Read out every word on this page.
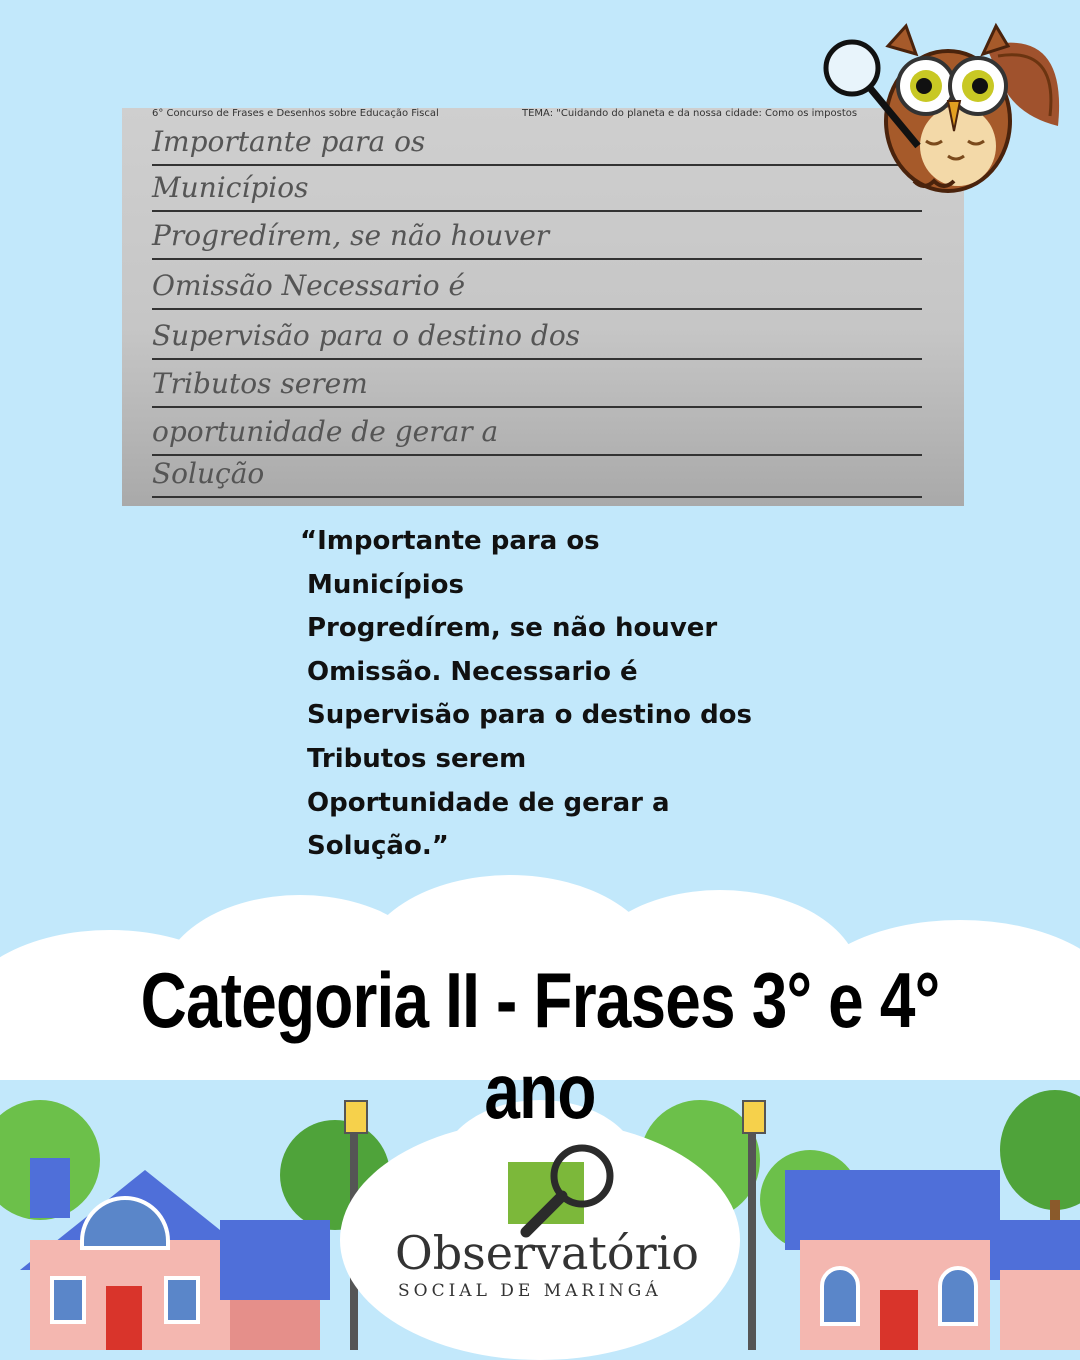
6° Concurso de Frases e Desenhos sobre Educação Fiscal	TEMA: "Cuidando do planeta e da nossa cidade: Como os impostos
Importante para os
Municípios
Progredírem, se não houver
Omissão Necessario é
Supervisão para o destino dos
Tributos serem
oportunidade de gerar a
Solução
“Importante para os
Municípios
Progredírem, se não houver
Omissão. Necessario é
Supervisão para o destino dos
Tributos serem
Oportunidade de gerar a
Solução.”
Observatório
SOCIAL DE MARINGÁ
Categoria II - Frases 3° e 4° ano
